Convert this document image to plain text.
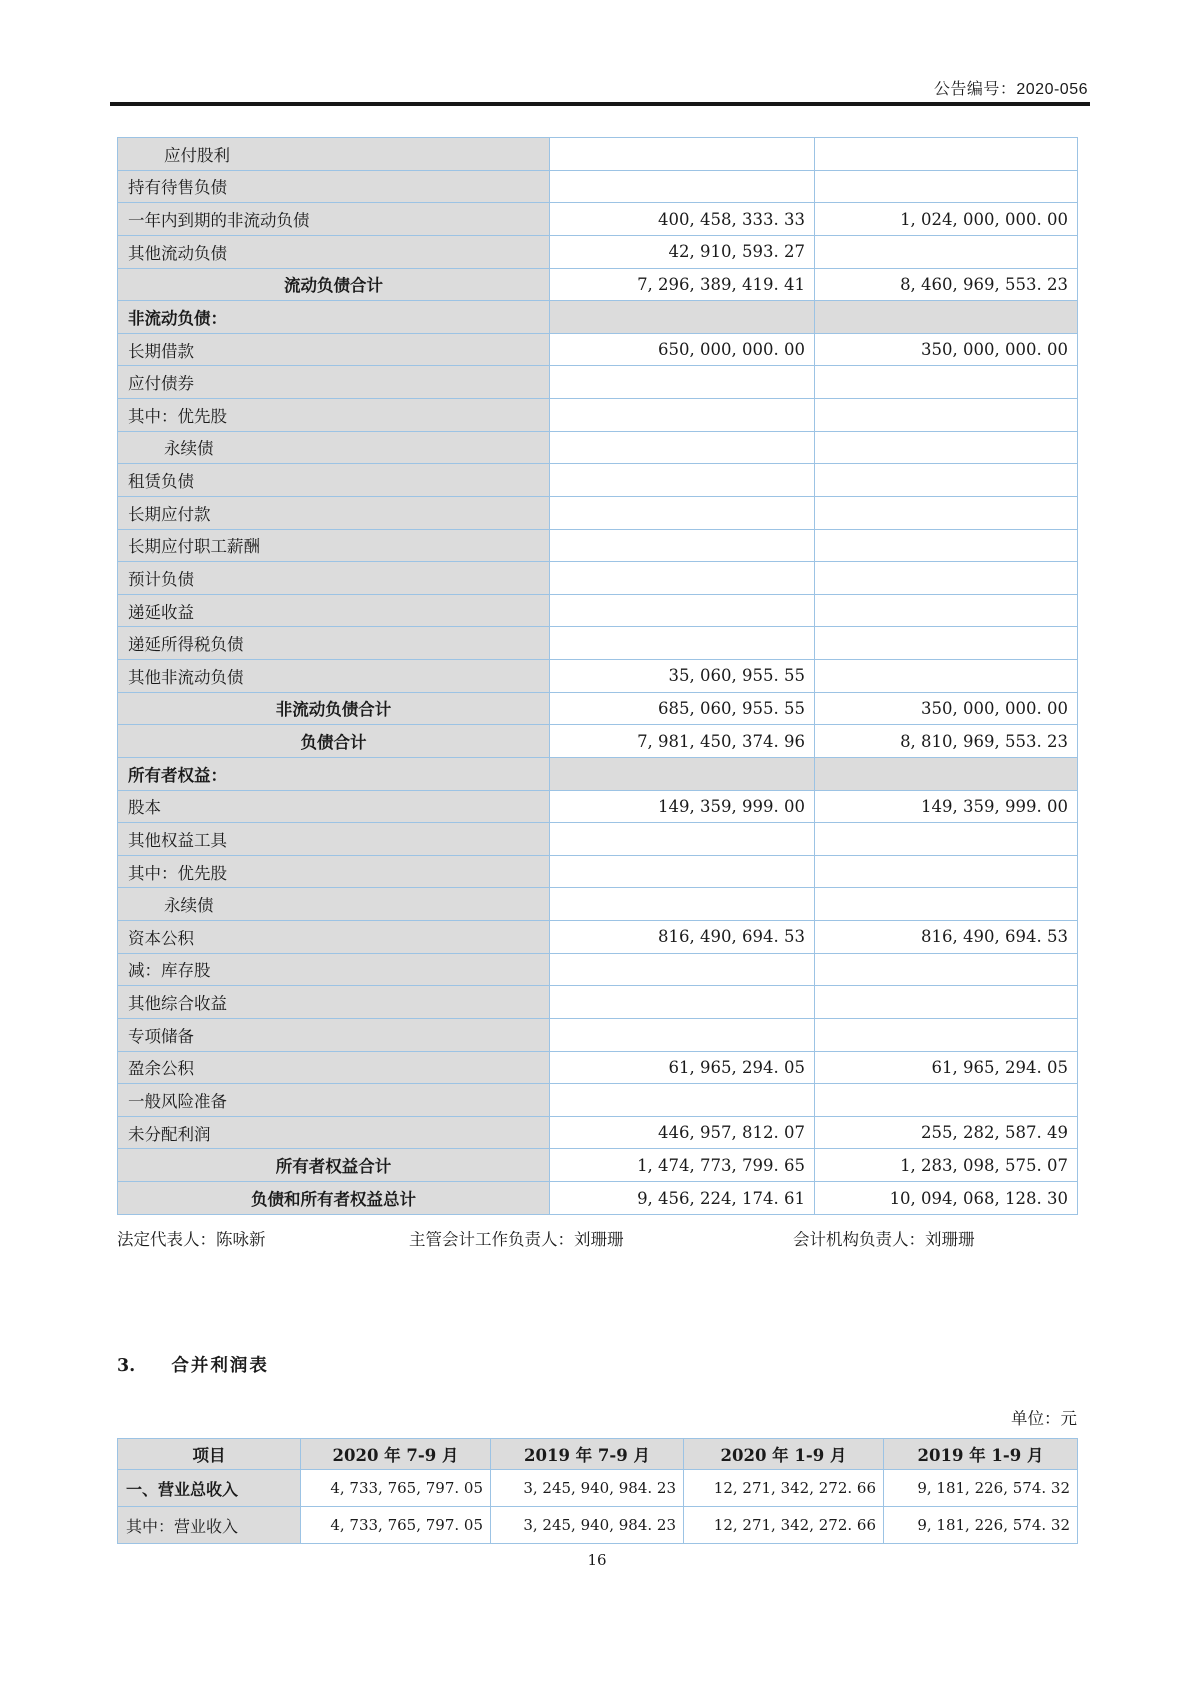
公告编号：2020-056
应付股利		
持有待售负债		
一年内到期的非流动负债	400, 458, 333. 33	1, 024, 000, 000. 00
其他流动负债	42, 910, 593. 27	
流动负债合计	7, 296, 389, 419. 41	8, 460, 969, 553. 23
非流动负债：		
长期借款	650, 000, 000. 00	350, 000, 000. 00
应付债券		
其中：优先股		
永续债		
租赁负债		
长期应付款		
长期应付职工薪酬		
预计负债		
递延收益		
递延所得税负债		
其他非流动负债	35, 060, 955. 55	
非流动负债合计	685, 060, 955. 55	350, 000, 000. 00
负债合计	7, 981, 450, 374. 96	8, 810, 969, 553. 23
所有者权益：		
股本	149, 359, 999. 00	149, 359, 999. 00
其他权益工具		
其中：优先股		
永续债		
资本公积	816, 490, 694. 53	816, 490, 694. 53
减：库存股		
其他综合收益		
专项储备		
盈余公积	61, 965, 294. 05	61, 965, 294. 05
一般风险准备		
未分配利润	446, 957, 812. 07	255, 282, 587. 49
所有者权益合计	1, 474, 773, 799. 65	1, 283, 098, 575. 07
负债和所有者权益总计	9, 456, 224, 174. 61	10, 094, 068, 128. 30
法定代表人：陈咏新	主管会计工作负责人：刘珊珊	会计机构负责人：刘珊珊
3. 合并利润表
单位：元
项目	2020 年 7-9 月	2019 年 7-9 月	2020 年 1-9 月	2019 年 1-9 月
一、营业总收入	4, 733, 765, 797. 05	3, 245, 940, 984. 23	12, 271, 342, 272. 66	9, 181, 226, 574. 32
其中：营业收入	4, 733, 765, 797. 05	3, 245, 940, 984. 23	12, 271, 342, 272. 66	9, 181, 226, 574. 32
16
